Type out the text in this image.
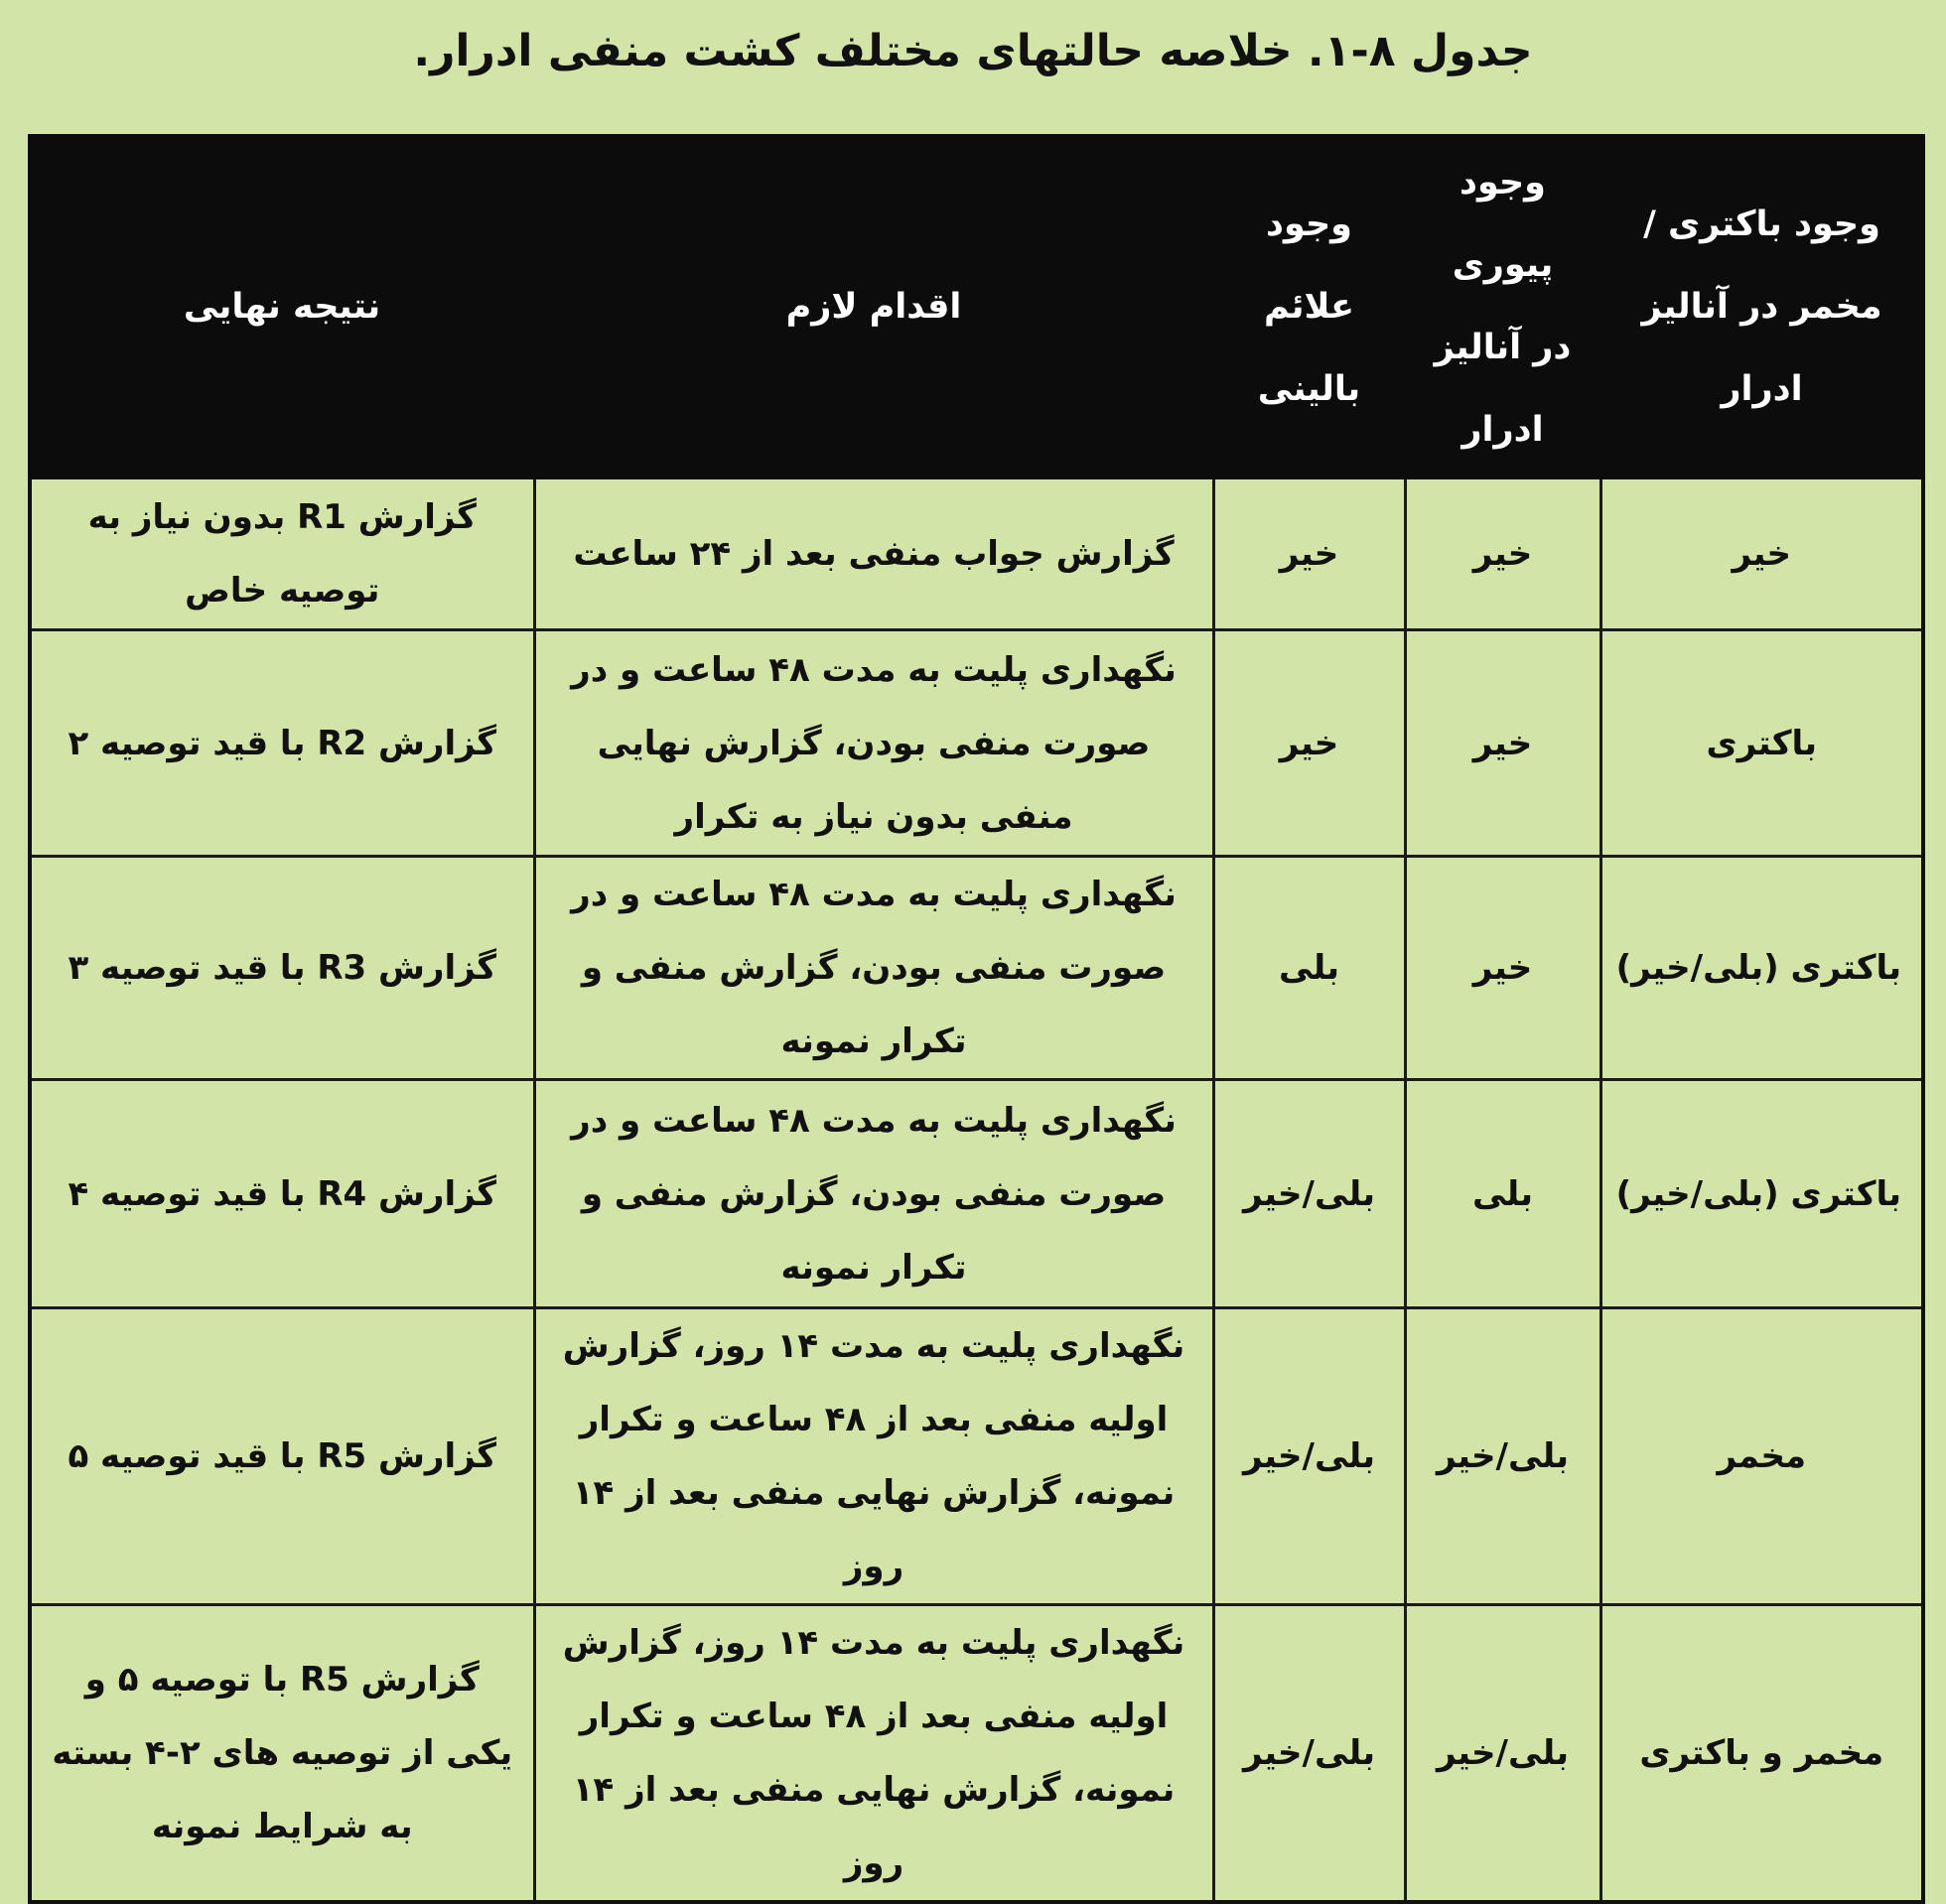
جدول ۸-۱. خلاصه حالتهای مختلف کشت منفی ادرار.
وجود باکتری / مخمر در آنالیز ادرار	وجود پیوری در آنالیز ادرار	وجود علائم بالینی	اقدام لازم	نتیجه نهایی

خیر	خیر	خیر	گزارش جواب منفی بعد از ۲۴ ساعت	گزارش R1 بدون نیاز به توصیه خاص
باکتری	خیر	خیر	نگهداری پلیت به مدت ۴۸ ساعت و در صورت منفی بودن، گزارش نهایی منفی بدون نیاز به تکرار	گزارش R2 با قید توصیه ۲
باکتری (بلی/خیر)	خیر	بلی	نگهداری پلیت به مدت ۴۸ ساعت و در صورت منفی بودن، گزارش منفی و تکرار نمونه	گزارش R3 با قید توصیه ۳
باکتری (بلی/خیر)	بلی	بلی/خیر	نگهداری پلیت به مدت ۴۸ ساعت و در صورت منفی بودن، گزارش منفی و تکرار نمونه	گزارش R4 با قید توصیه ۴
مخمر	بلی/خیر	بلی/خیر	نگهداری پلیت به مدت ۱۴ روز، گزارش اولیه منفی بعد از ۴۸ ساعت و تکرار نمونه، گزارش نهایی منفی بعد از ۱۴ روز	گزارش R5 با قید توصیه ۵
مخمر و باکتری	بلی/خیر	بلی/خیر	نگهداری پلیت به مدت ۱۴ روز، گزارش اولیه منفی بعد از ۴۸ ساعت و تکرار نمونه، گزارش نهایی منفی بعد از ۱۴ روز	گزارش R5 با توصیه ۵ و یکی از توصیه های ۲-۴ بسته به شرایط نمونه
